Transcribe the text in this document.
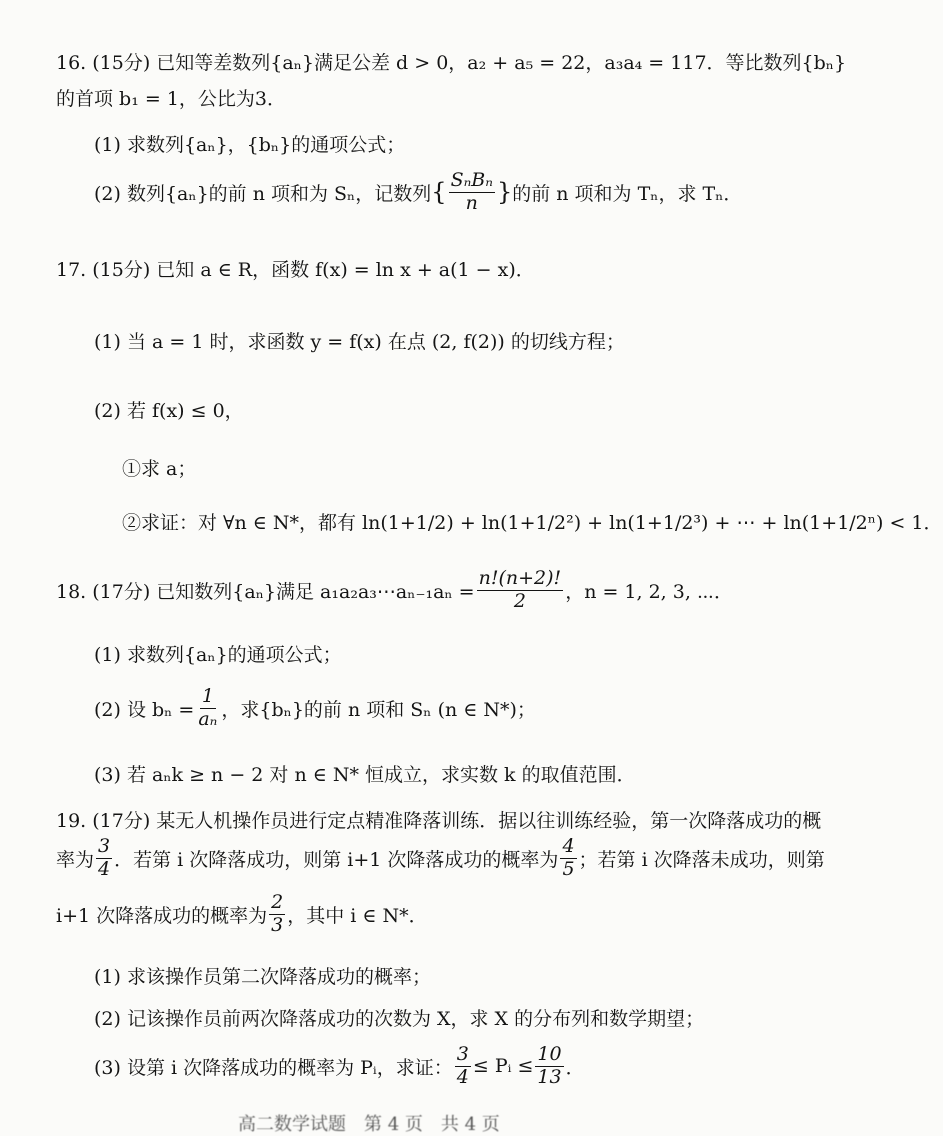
16. (15分) 已知等差数列{aₙ}满足公差 d > 0，a₂ + a₅ = 22，a₃a₄ = 117．等比数列{bₙ}
的首项 b₁ = 1，公比为3．
(1) 求数列{aₙ}，{bₙ}的通项公式；
(2) 数列{aₙ}的前 n 项和为 Sₙ，记数列 { $\frac{\text{SₙBₙ}}{n}$ } 的前 n 项和为 Tₙ，求 Tₙ．
17. (15分) 已知 a ∈ R，函数 f(x) = ln x + a(1 − x)．
(1) 当 a = 1 时，求函数 y = f(x) 在点 (2, f(2)) 的切线方程；
(2) 若 f(x) ≤ 0，
①求 a；
②求证：对 ∀n ∈ N*，都有 ln(1+1/2) + ln(1+1/2²) + ln(1+1/2³) + ⋯ + ln(1+1/2ⁿ) < 1．
18. (17分) 已知数列{aₙ}满足 a₁a₂a₃⋯aₙ₋₁aₙ = $\frac{n!(n+2)!}{2}$ ，n = 1, 2, 3, ⋯．
(1) 求数列{aₙ}的通项公式；
(2) 设 $b_n = \frac{1}{\text{aₙ}}$ ，求{bₙ}的前 n 项和 Sₙ (n ∈ N*)；
(3) 若 aₙk ≥ n − 2 对 n ∈ N* 恒成立，求实数 k 的取值范围．
19. (17分) 某无人机操作员进行定点精准降落训练．据以往训练经验，第一次降落成功的概
率为 $\frac{3}{4}$ ．若第 i 次降落成功，则第 i+1 次降落成功的概率为 $\frac{4}{5}$ ；若第 i 次降落未成功，则第
i+1 次降落成功的概率为 $\frac{2}{3}$ ，其中 i ∈ N*．
(1) 求该操作员第二次降落成功的概率；
(2) 记该操作员前两次降落成功的次数为 X，求 X 的分布列和数学期望；
(3) 设第 i 次降落成功的概率为 Pᵢ，求证： $\frac{3}{4}$ ≤ Pᵢ ≤ $\frac{10}{13}$ ．
高二数学试题　第 4 页　共 4 页
